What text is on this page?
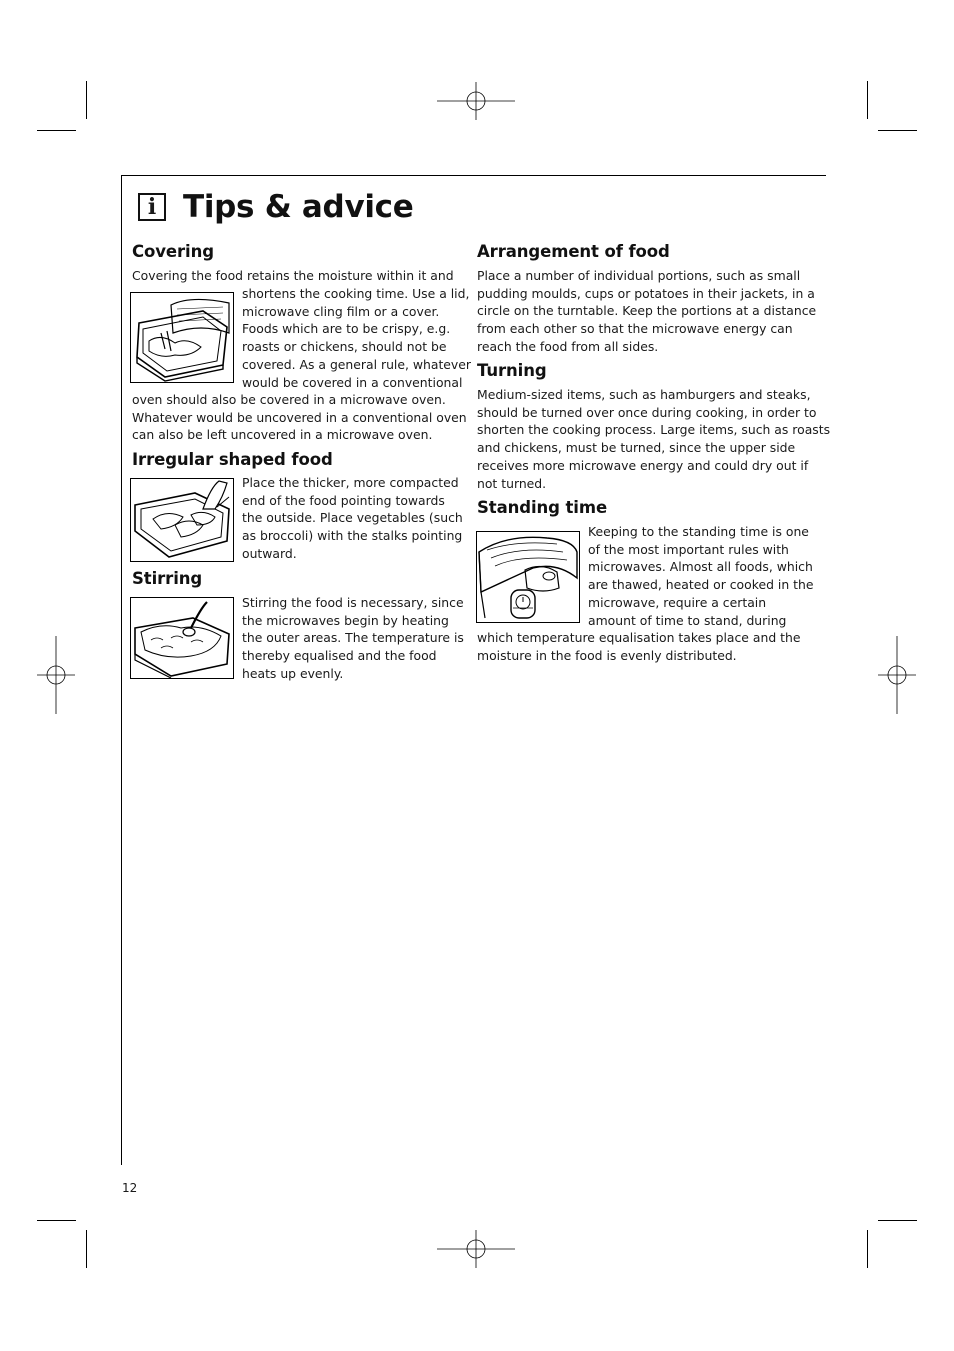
i Tips & advice
Covering
Covering the food retains the moisture within it and
shortens the cooking time. Use a lid,
microwave cling film or a cover.
Foods which are to be crispy, e.g.
roasts or chickens, should not be
covered. As a general rule, whatever
would be covered in a conventional
oven should also be covered in a microwave oven.
Whatever would be uncovered in a conventional oven
can also be left uncovered in a microwave oven.
Irregular shaped food
Place the thicker, more compacted
end of the food pointing towards
the outside. Place vegetables (such
as broccoli) with the stalks pointing
outward.
Stirring
Stirring the food is necessary, since
the microwaves begin by heating
the outer areas. The temperature is
thereby equalised and the food
heats up evenly.
Arrangement of food
Place a number of individual portions, such as small
pudding moulds, cups or potatoes in their jackets, in a
circle on the turntable. Keep the portions at a distance
from each other so that the microwave energy can
reach the food from all sides.
Turning
Medium-sized items, such as hamburgers and steaks,
should be turned over once during cooking, in order to
shorten the cooking process. Large items, such as roasts
and chickens, must be turned, since the upper side
receives more microwave energy and could dry out if
not turned.
Standing time
Keeping to the standing time is one
of the most important rules with
microwaves. Almost all foods, which
are thawed, heated or cooked in the
microwave, require a certain
amount of time to stand, during
which temperature equalisation takes place and the
moisture in the food is evenly distributed.
12
